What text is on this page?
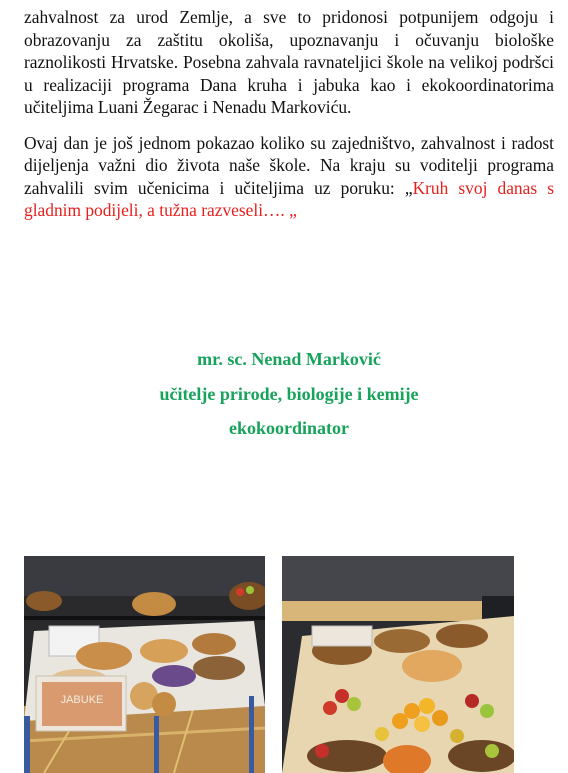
zahvalnost za urod Zemlje, a sve to pridonosi potpunijem odgoju i obrazovanju za zaštitu okoliša, upoznavanju i očuvanju biološke raznolikosti Hrvatske. Posebna zahvala ravnateljici škole na velikoj podršci u realizaciji programa Dana kruha i jabuka kao i ekokoordinatorima učiteljima Luani Žegarac i Nenadu Markoviću.

Ovaj dan je još jednom pokazao koliko su zajedništvo, zahvalnost i radost dijeljenja važni dio života naše škole. Na kraju su voditelji programa zahvalili svim učenicima i učiteljima uz poruku: „Kruh svoj danas s gladnim podijeli, a tužna razveseli…. „

mr. sc. Nenad Marković
učitelje prirode, biologije i kemije
ekokoordinator
JABUKE
